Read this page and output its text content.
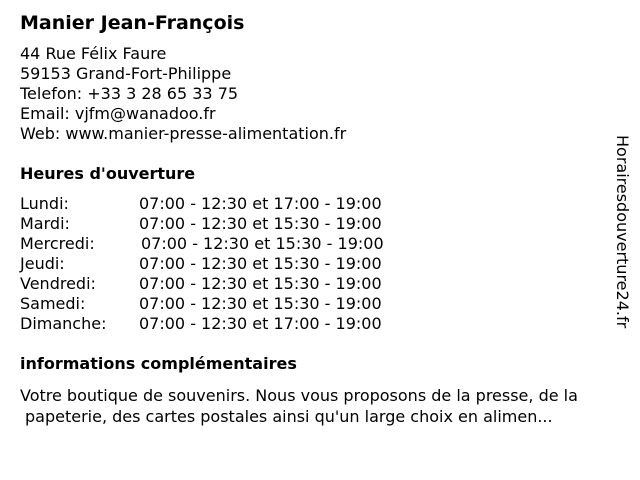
Manier Jean-François
44 Rue Félix Faure
59153 Grand-Fort-Philippe
Telefon: +33 3 28 65 33 75
Email: vjfm@wanadoo.fr
Web: www.manier-presse-alimentation.fr
Heures d'ouverture
Lundi:	07:00 - 12:30 et 17:00 - 19:00
Mardi:	07:00 - 12:30 et 15:30 - 19:00
Mercredi:	07:00 - 12:30 et 15:30 - 19:00
Jeudi:	07:00 - 12:30 et 15:30 - 19:00
Vendredi:	07:00 - 12:30 et 15:30 - 19:00
Samedi:	07:00 - 12:30 et 15:30 - 19:00
Dimanche: 07:00 - 12:30 et 17:00 - 19:00
informations complémentaires
Votre boutique de souvenirs. Nous vous proposons de la presse, de la
papeterie, des cartes postales ainsi qu'un large choix en alimen...
Horairesdouverture24.fr
